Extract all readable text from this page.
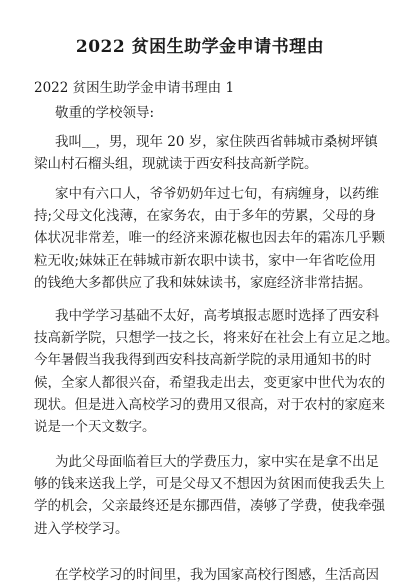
2022 贫困生助学金申请书理由
2022 贫困生助学金申请书理由 1
敬重的学校领导:
我叫＿，男，现年 20 岁，家住陕西省韩城市桑树坪镇
梁山村石榴头组，现就读于西安科技高新学院。
家中有六口人，爷爷奶奶年过七旬，有病缠身，以药维
持;父母文化浅薄，在家务农，由于多年的劳累，父母的身
体状况非常差，唯一的经济来源花椒也因去年的霜冻几乎颗
粒无收;妹妹正在韩城市新农职中读书，家中一年省吃俭用
的钱绝大多都供应了我和妹妹读书，家庭经济非常拮据。
我中学学习基础不太好，高考填报志愿时选择了西安科
技高新学院，只想学一技之长，将来好在社会上有立足之地。
今年暑假当我我得到西安科技高新学院的录用通知书的时
候，全家人都很兴奋，希望我走出去，变更家中世代为农的
现状。但是进入高校学习的费用又很高，对于农村的家庭来
说是一个天文数字。
为此父母面临着巨大的学费压力，家中实在是拿不出足
够的钱来送我上学，可是父母又不想因为贫困而使我丢失上
学的机会，父亲最终还是东挪西借，凑够了学费，使我牵强
进入学校学习。
在学校学习的时间里，我为国家高校行图感，生活高因
